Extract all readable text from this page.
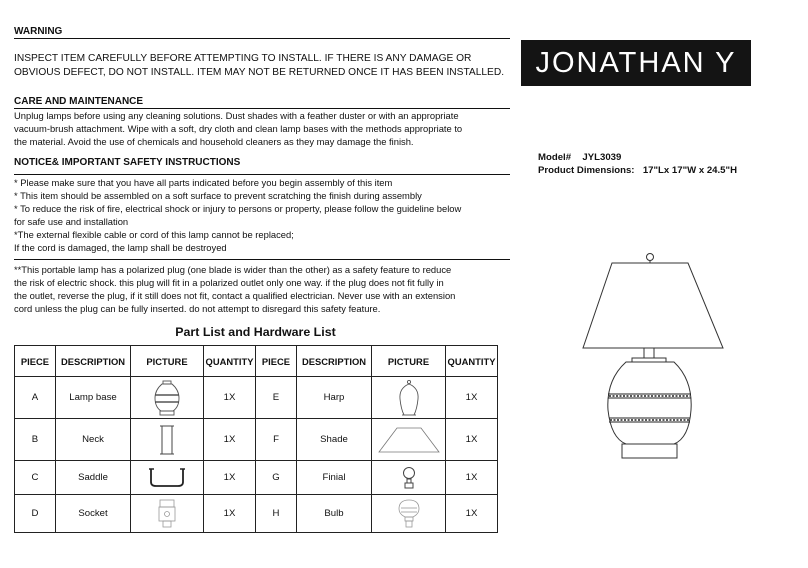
WARNING
INSPECT ITEM CAREFULLY BEFORE ATTEMPTING TO INSTALL. IF THERE IS ANY DAMAGE OR
OBVIOUS DEFECT, DO NOT INSTALL. ITEM MAY NOT BE RETURNED ONCE IT HAS BEEN INSTALLED.
CARE AND MAINTENANCE
Unplug lamps before using any cleaning solutions. Dust shades with a feather duster or with an appropriate
vacuum-brush attachment. Wipe with a soft, dry cloth and clean lamp bases with the methods appropriate to
the material. Avoid the use of chemicals and household cleaners as they may damage the finish.
NOTICE& IMPORTANT SAFETY INSTRUCTIONS
* Please make sure that you have all parts indicated before you begin assembly of this item
* This item should be assembled on a soft surface to prevent scratching the finish during assembly
* To reduce the risk of fire, electrical shock or injury to persons or property, please follow the guideline below
for safe use and installation
*The external flexible cable or cord of this lamp cannot be replaced;
If the cord is damaged, the lamp shall be destroyed
**This portable lamp has a polarized plug (one blade is wider than the other) as a safety feature to reduce
the risk of electric shock. this plug will fit in a polarized outlet only one way. if the plug does not fit fully in
the outlet, reverse the plug, if it still does not fit, contact a qualified electrician. Never use with an extension
cord unless the plug can be fully inserted. do not attempt to disregard this safety feature.
JONATHAN Y
Model# JYL3039
Product Dimensions: 17"Lx 17"W x 24.5"H
Part List and Hardware List
PIECE	DESCRIPTION	PICTURE	QUANTITY	PIECE	DESCRIPTION	PICTURE	QUANTITY
A	Lamp base		1X	E	Harp		1X
B	Neck		1X	F	Shade		1X
C	Saddle		1X	G	Finial		1X
D	Socket		1X	H	Bulb		1X
